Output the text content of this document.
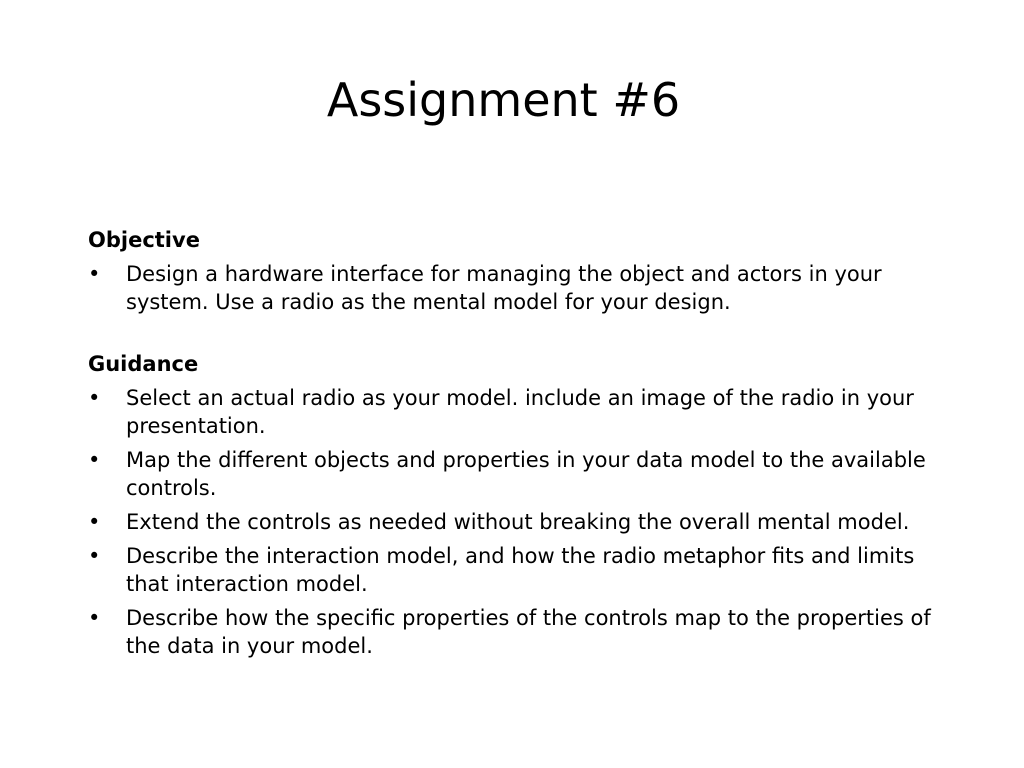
Assignment #6
Objective
•	Design a hardware interface for managing the object and actors in your system. Use a radio as the mental model for your design.
Guidance
•	Select an actual radio as your model. include an image of the radio in your presentation.
•	Map the different objects and properties in your data model to the available controls.
•	Extend the controls as needed without breaking the overall mental model.
•	Describe the interaction model, and how the radio metaphor fits and limits that interaction model.
•	Describe how the specific properties of the controls map to the properties of the data in your model.
